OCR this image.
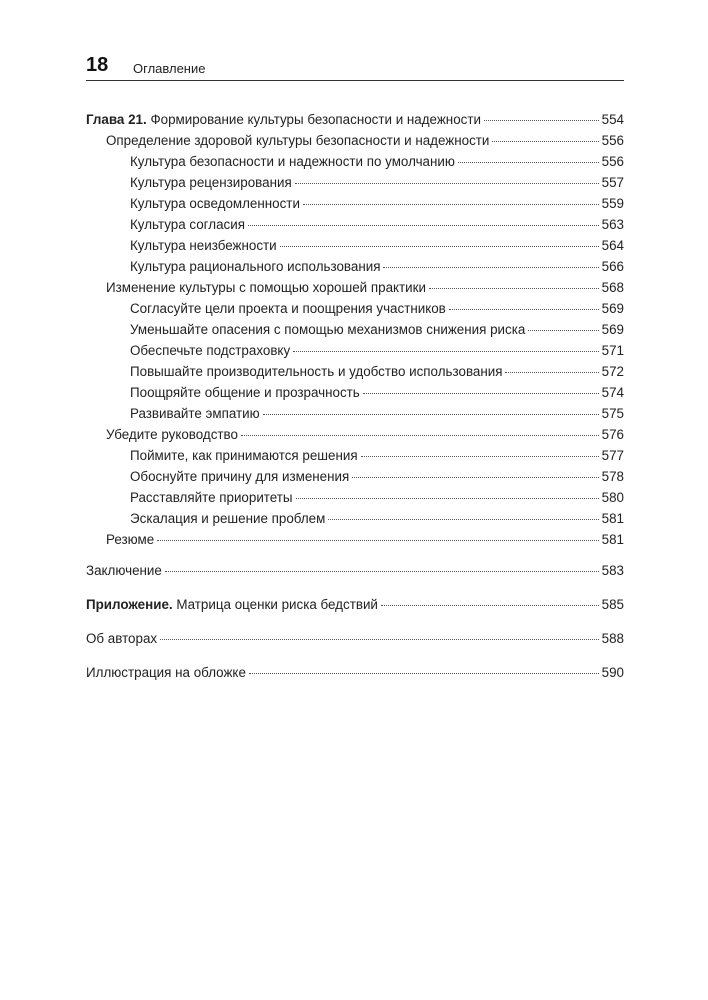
18 Оглавление
Глава 21. Формирование культуры безопасности и надежности	554
Определение здоровой культуры безопасности и надежности	556
Культура безопасности и надежности по умолчанию	556
Культура рецензирования	557
Культура осведомленности	559
Культура согласия	563
Культура неизбежности	564
Культура рационального использования	566
Изменение культуры с помощью хорошей практики	568
Согласуйте цели проекта и поощрения участников	569
Уменьшайте опасения с помощью механизмов снижения риска	569
Обеспечьте подстраховку	571
Повышайте производительность и удобство использования	572
Поощряйте общение и прозрачность	574
Развивайте эмпатию	575
Убедите руководство	576
Поймите, как принимаются решения	577
Обоснуйте причину для изменения	578
Расставляйте приоритеты	580
Эскалация и решение проблем	581
Резюме	581
Заключение	583
Приложение. Матрица оценки риска бедствий	585
Об авторах	588
Иллюстрация на обложке	590
